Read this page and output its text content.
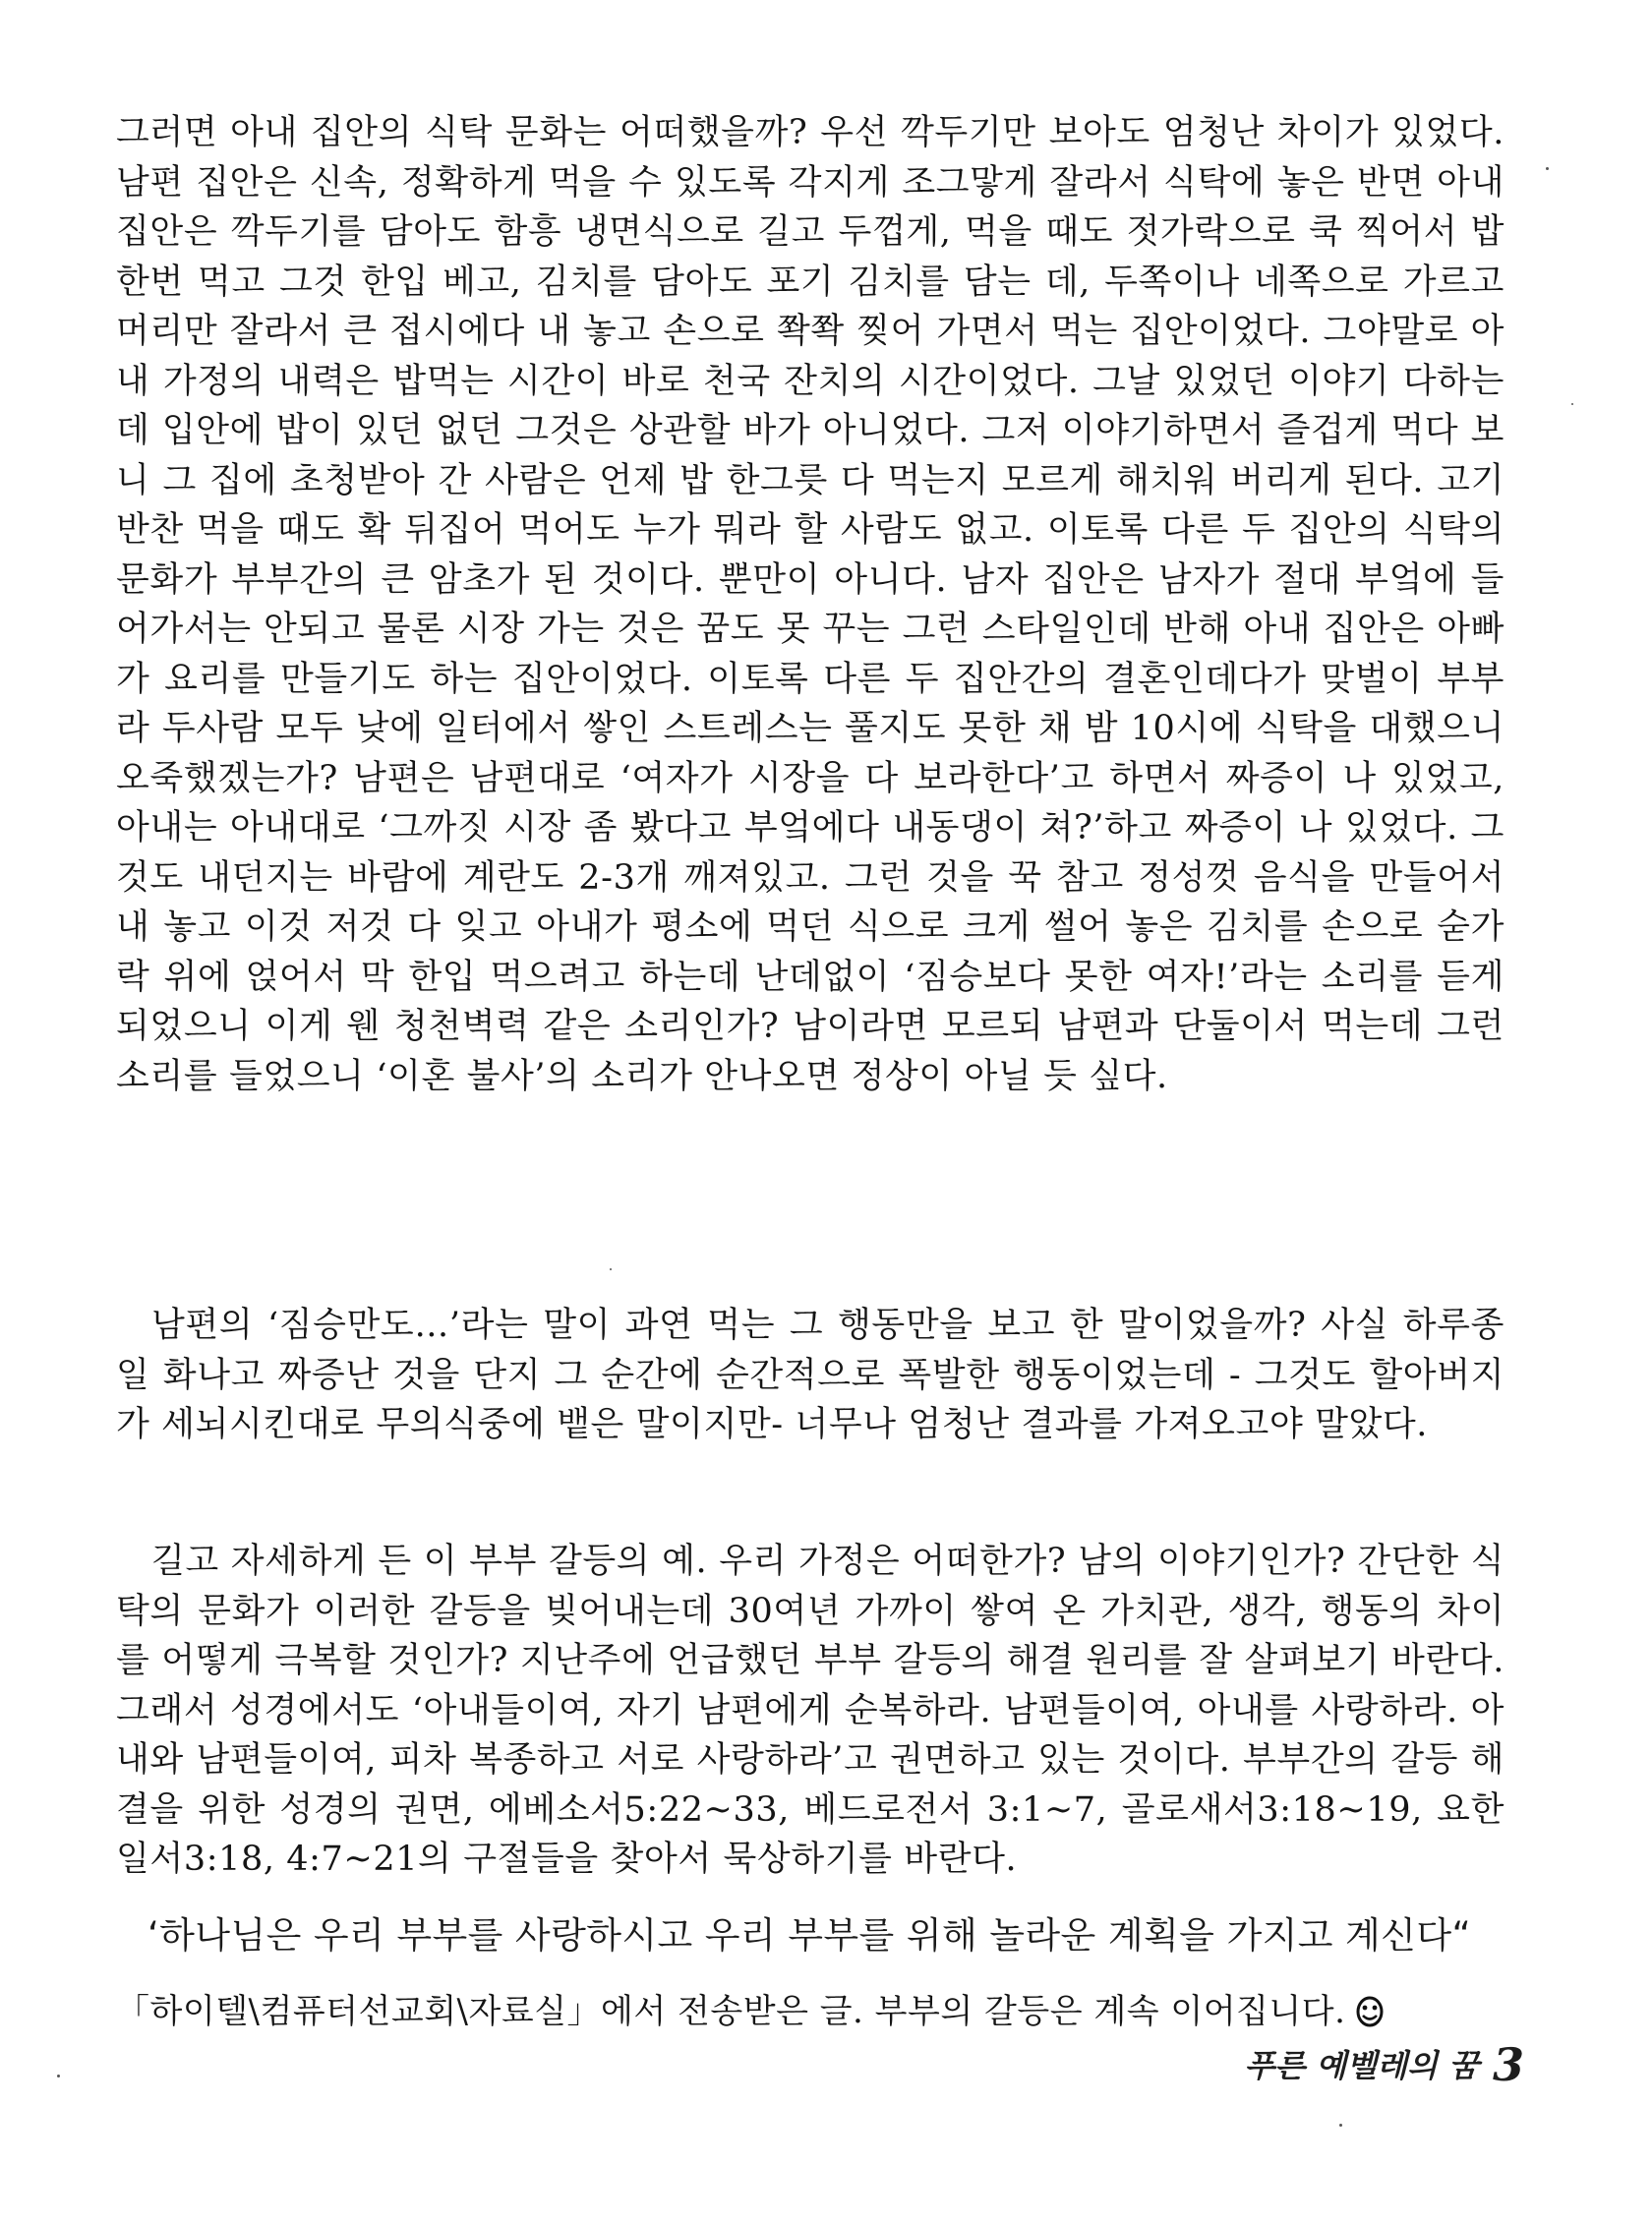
그러면 아내 집안의 식탁 문화는 어떠했을까? 우선 깍두기만 보아도 엄청난 차이가 있었다. 남편 집안은 신속, 정확하게 먹을 수 있도록 각지게 조그맣게 잘라서 식탁에 놓은 반면 아내 집안은 깍두기를 담아도 함흥 냉면식으로 길고 두껍게, 먹을 때도 젓가락으로 쿡 찍어서 밥 한번 먹고 그것 한입 베고, 김치를 담아도 포기 김치를 담는 데, 두쪽이나 네쪽으로 가르고 머리만 잘라서 큰 접시에다 내 놓고 손으로 쫙쫙 찢어 가면서 먹는 집안이었다. 그야말로 아내 가정의 내력은 밥먹는 시간이 바로 천국 잔치의 시간이었다. 그날 있었던 이야기 다하는데 입안에 밥이 있던 없던 그것은 상관할 바가 아니었다. 그저 이야기하면서 즐겁게 먹다 보니 그 집에 초청받아 간 사람은 언제 밥 한그릇 다 먹는지 모르게 해치워 버리게 된다. 고기 반찬 먹을 때도 확 뒤집어 먹어도 누가 뭐라 할 사람도 없고. 이토록 다른 두 집안의 식탁의 문화가 부부간의 큰 암초가 된 것이다. 뿐만이 아니다. 남자 집안은 남자가 절대 부엌에 들어가서는 안되고 물론 시장 가는 것은 꿈도 못 꾸는 그런 스타일인데 반해 아내 집안은 아빠가 요리를 만들기도 하는 집안이었다. 이토록 다른 두 집안간의 결혼인데다가 맞벌이 부부라 두사람 모두 낮에 일터에서 쌓인 스트레스는 풀지도 못한 채 밤 10시에 식탁을 대했으니 오죽했겠는가? 남편은 남편대로 ‘여자가 시장을 다 보라한다’고 하면서 짜증이 나 있었고, 아내는 아내대로 ‘그까짓 시장 좀 봤다고 부엌에다 내동댕이 쳐?’하고 짜증이 나 있었다. 그것도 내던지는 바람에 계란도 2-3개 깨져있고. 그런 것을 꾹 참고 정성껏 음식을 만들어서 내 놓고 이것 저것 다 잊고 아내가 평소에 먹던 식으로 크게 썰어 놓은 김치를 손으로 숟가락 위에 얹어서 막 한입 먹으려고 하는데 난데없이 ‘짐승보다 못한 여자!’라는 소리를 듣게 되었으니 이게 웬 청천벽력 같은 소리인가? 남이라면 모르되 남편과 단둘이서 먹는데 그런 소리를 들었으니 ‘이혼 불사’의 소리가 안나오면 정상이 아닐 듯 싶다.

남편의 ‘짐승만도…’라는 말이 과연 먹는 그 행동만을 보고 한 말이었을까? 사실 하루종일 화나고 짜증난 것을 단지 그 순간에 순간적으로 폭발한 행동이었는데 - 그것도 할아버지가 세뇌시킨대로 무의식중에 뱉은 말이지만- 너무나 엄청난 결과를 가져오고야 말았다.

길고 자세하게 든 이 부부 갈등의 예. 우리 가정은 어떠한가? 남의 이야기인가? 간단한 식탁의 문화가 이러한 갈등을 빚어내는데 30여년 가까이 쌓여 온 가치관, 생각, 행동의 차이를 어떻게 극복할 것인가? 지난주에 언급했던 부부 갈등의 해결 원리를 잘 살펴보기 바란다. 그래서 성경에서도 ‘아내들이여, 자기 남편에게 순복하라. 남편들이여, 아내를 사랑하라. 아내와 남편들이여, 피차 복종하고 서로 사랑하라’고 권면하고 있는 것이다. 부부간의 갈등 해결을 위한 성경의 권면, 에베소서5:22~33, 베드로전서 3:1~7, 골로새서3:18~19, 요한일서3:18, 4:7~21의 구절들을 찾아서 묵상하기를 바란다.

‘하나님은 우리 부부를 사랑하시고 우리 부부를 위해 놀라운 계획을 가지고 계신다“

「하이텔\컴퓨터선교회\자료실」에서 전송받은 글. 부부의 갈등은 계속 이어집니다.

푸른 예벨레의 꿈 3
